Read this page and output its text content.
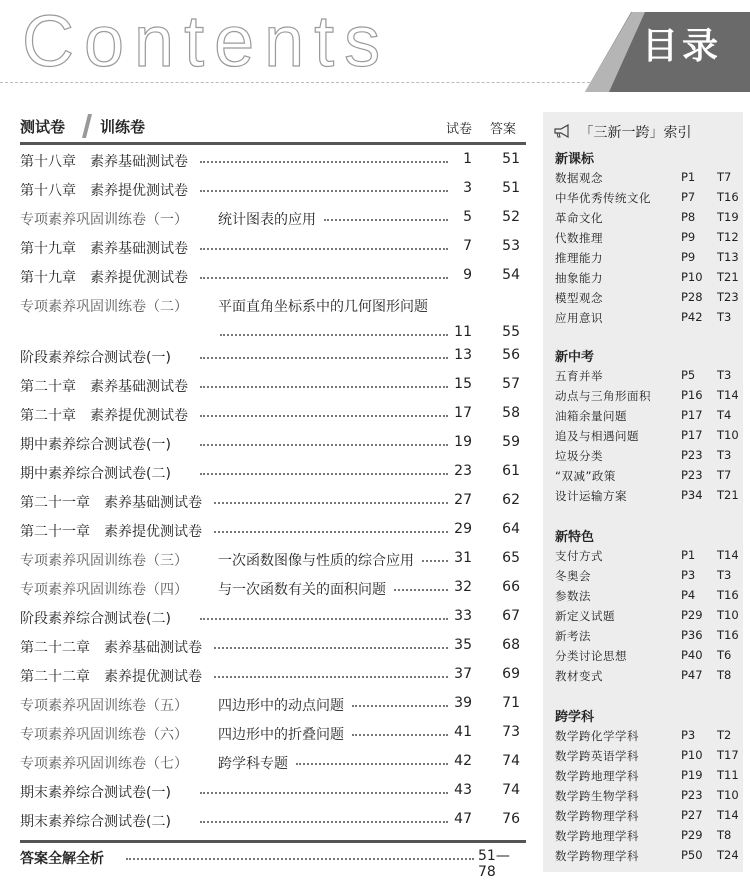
Contents	目录
测试卷 训练卷	试卷 答案
第十八章　素养基础测试卷	1 51
第十八章　素养提优测试卷	3 51
专项素养巩固训练卷（一） 统计图表的应用	5 52
第十九章　素养基础测试卷	7 53
第十九章　素养提优测试卷	9 54
专项素养巩固训练卷（二） 平面直角坐标系中的几何图形问题
11 55
阶段素养综合测试卷(一)	13 56
第二十章　素养基础测试卷	15 57
第二十章　素养提优测试卷	17 58
期中素养综合测试卷(一)	19 59
期中素养综合测试卷(二)	23 61
第二十一章　素养基础测试卷	27 62
第二十一章　素养提优测试卷	29 64
专项素养巩固训练卷（三） 一次函数图像与性质的综合应用	31 65
专项素养巩固训练卷（四） 与一次函数有关的面积问题	32 66
阶段素养综合测试卷(二)	33 67
第二十二章　素养基础测试卷	35 68
第二十二章　素养提优测试卷	37 69
专项素养巩固训练卷（五） 四边形中的动点问题	39 71
专项素养巩固训练卷（六） 四边形中的折叠问题	41 73
专项素养巩固训练卷（七） 跨学科专题	42 74
期末素养综合测试卷(一)	43 74
期末素养综合测试卷(二)	47 76
答案全解全析	51—78
「三新一跨」索引
新课标
数据观念	P1 T7
中华优秀传统文化	P7 T16
革命文化	P8 T19
代数推理	P9 T12
推理能力	P9 T13
抽象能力	P10 T21
模型观念	P28 T23
应用意识	P42 T3
新中考
五育并举	P5 T3
动点与三角形面积	P16 T14
油箱余量问题	P17 T4
追及与相遇问题	P17 T10
垃圾分类	P23 T3
“双减”政策	P23 T7
设计运输方案	P34 T21
新特色
支付方式	P1 T14
冬奥会	P3 T3
参数法	P4 T16
新定义试题	P29 T10
新考法	P36 T16
分类讨论思想	P40 T6
教材变式	P47 T8
跨学科
数学跨化学学科	P3 T2
数学跨英语学科	P10 T17
数学跨地理学科	P19 T11
数学跨生物学科	P23 T10
数学跨物理学科	P27 T14
数学跨地理学科	P29 T8
数学跨物理学科	P50 T24
